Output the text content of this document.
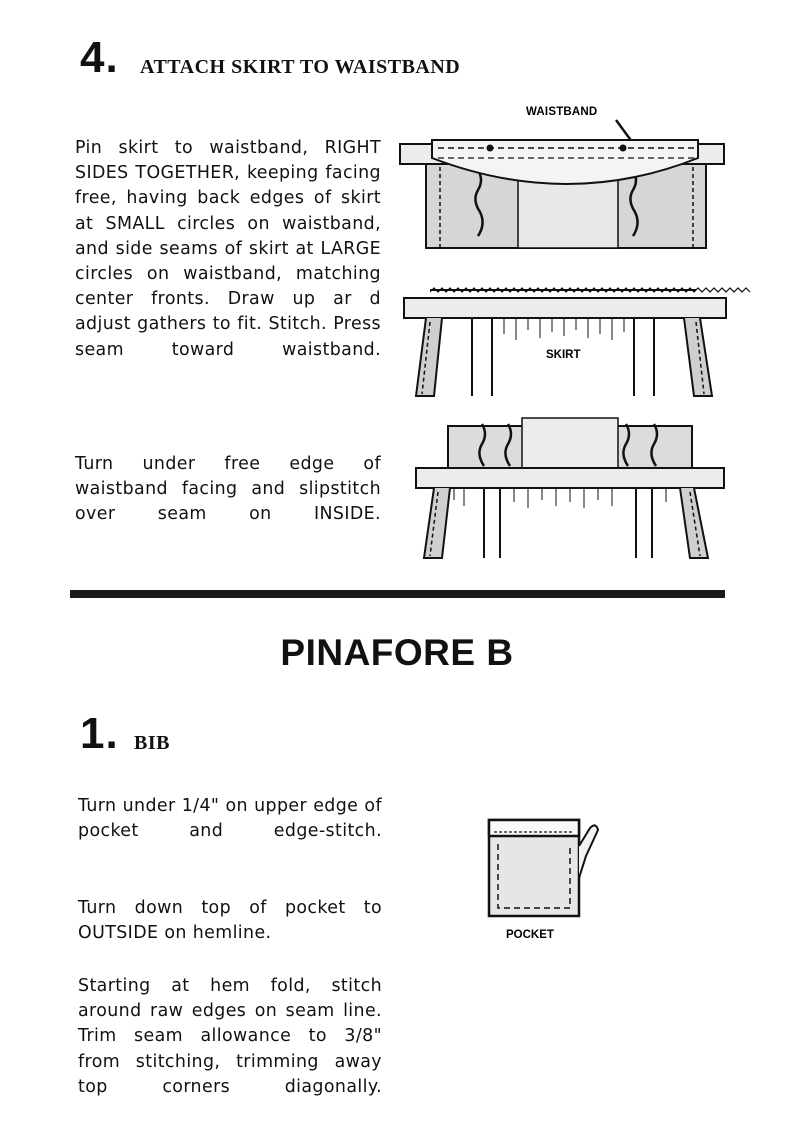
4. ATTACH SKIRT TO WAISTBAND

Pin skirt to waistband, RIGHT SIDES TOGETHER, keeping facing free, having back edges of skirt at SMALL circles on waistband, and side seams of skirt at LARGE circles on waistband, matching center fronts. Draw up ar d adjust gathers to fit. Stitch. Press seam toward waistband.

Turn under free edge of waistband facing and slipstitch over seam on INSIDE.

WAISTBAND
SKIRT
PINAFORE B
1. BIB

Turn under 1/4" on upper edge of pocket and edge-stitch.

Turn down top of pocket to OUTSIDE on hemline.

Starting at hem fold, stitch around raw edges on seam line. Trim seam allowance to 3/8" from stitching, trimming away top corners diagonally.

POCKET
